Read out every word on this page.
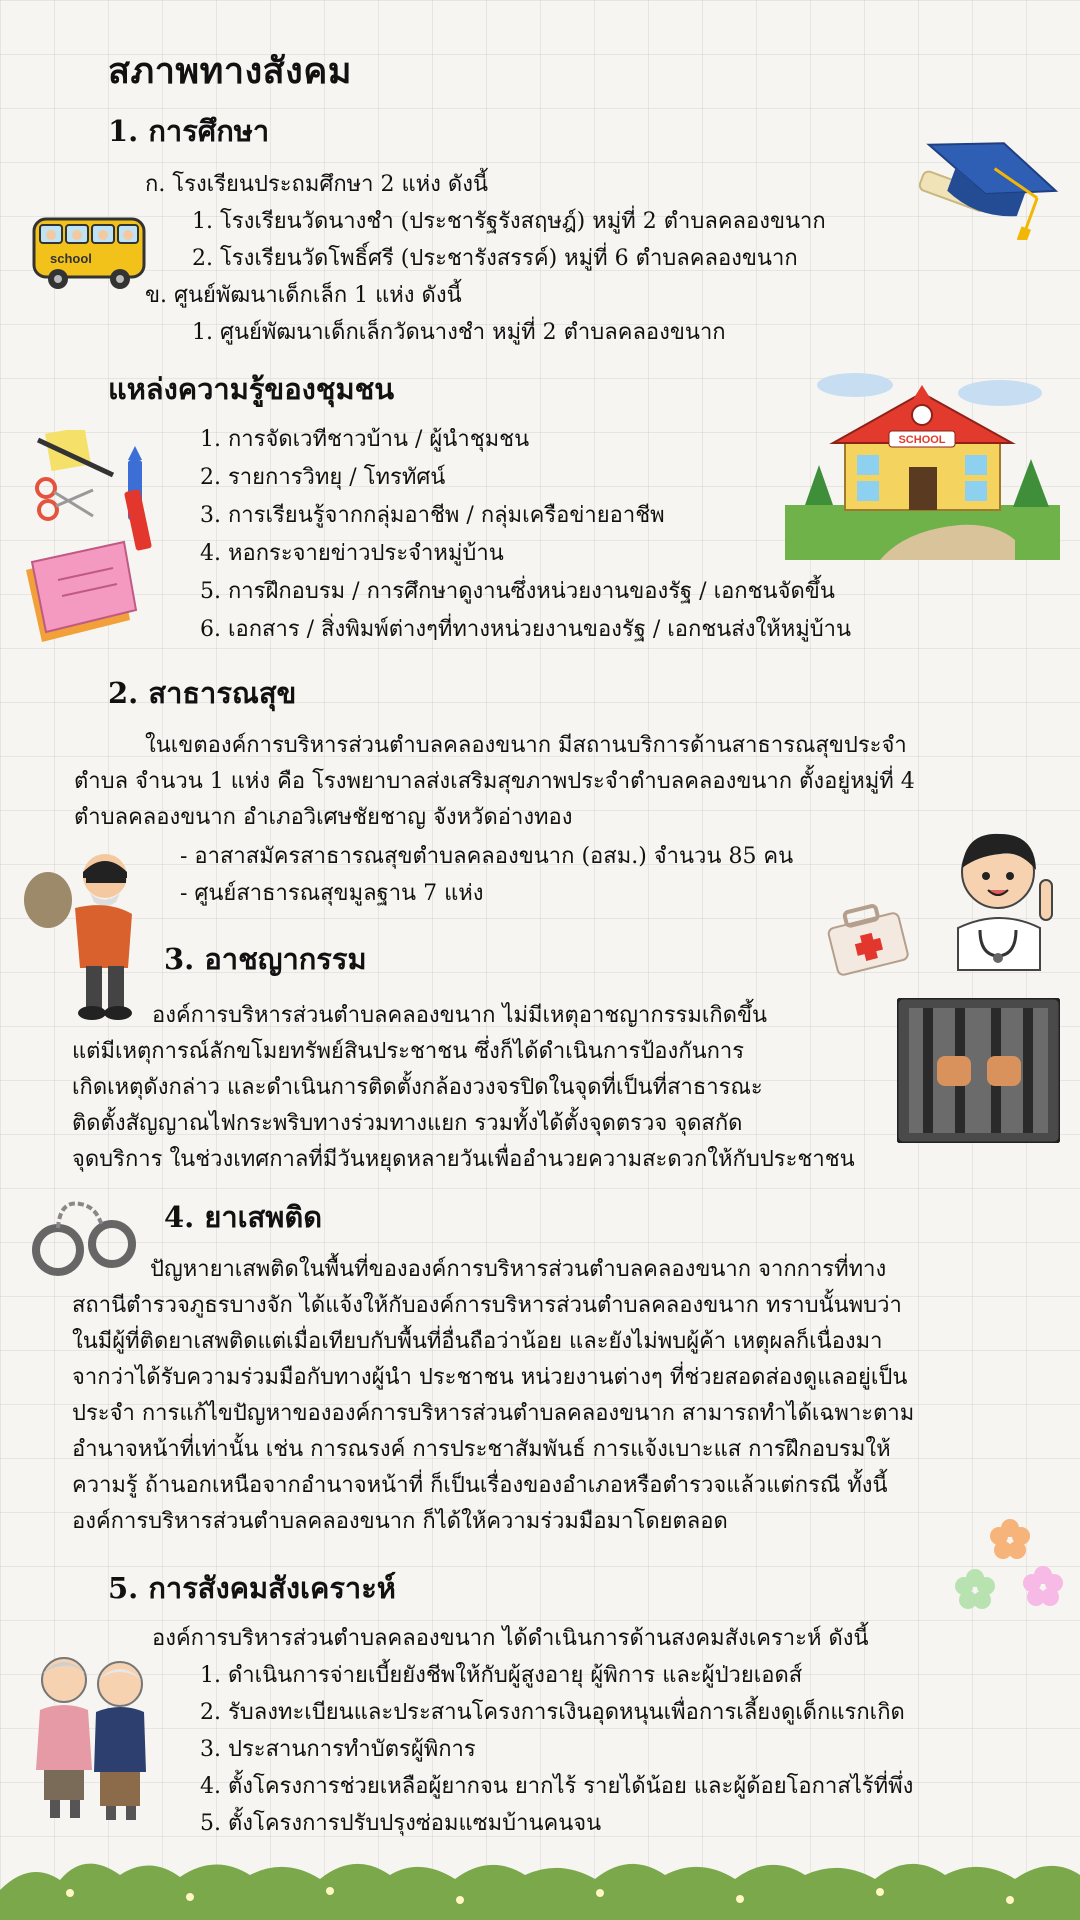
สภาพทางสังคม
1. การศึกษา
ก. โรงเรียนประถมศึกษา 2 แห่ง ดังนี้
1. โรงเรียนวัดนางชำ (ประชารัฐรังสฤษฎ์) หมู่ที่ 2 ตำบลคลองขนาก
2. โรงเรียนวัดโพธิ์ศรี (ประชารังสรรค์) หมู่ที่ 6 ตำบลคลองขนาก
ข. ศูนย์พัฒนาเด็กเล็ก 1 แห่ง ดังนี้
1. ศูนย์พัฒนาเด็กเล็กวัดนางชำ หมู่ที่ 2 ตำบลคลองขนาก
แหล่งความรู้ของชุมชน
1. การจัดเวทีชาวบ้าน / ผู้นำชุมชน
2. รายการวิทยุ / โทรทัศน์
3. การเรียนรู้จากกลุ่มอาชีพ / กลุ่มเครือข่ายอาชีพ
4. หอกระจายข่าวประจำหมู่บ้าน
5. การฝึกอบรม / การศึกษาดูงานซึ่งหน่วยงานของรัฐ / เอกชนจัดขึ้น
6. เอกสาร / สิ่งพิมพ์ต่างๆที่ทางหน่วยงานของรัฐ / เอกชนส่งให้หมู่บ้าน
2. สาธารณสุข
ในเขตองค์การบริหารส่วนตำบลคลองขนาก มีสถานบริการด้านสาธารณสุขประจำ
ตำบล จำนวน 1 แห่ง คือ โรงพยาบาลส่งเสริมสุขภาพประจำตำบลคลองขนาก ตั้งอยู่หมู่ที่ 4
ตำบลคลองขนาก อำเภอวิเศษชัยชาญ จังหวัดอ่างทอง
- อาสาสมัครสาธารณสุขตำบลคลองขนาก (อสม.) จำนวน 85 คน
- ศูนย์สาธารณสุขมูลฐาน 7 แห่ง
3. อาชญากรรม
องค์การบริหารส่วนตำบลคลองขนาก ไม่มีเหตุอาชญากรรมเกิดขึ้น
แต่มีเหตุการณ์ลักขโมยทรัพย์สินประชาชน ซึ่งก็ได้ดำเนินการป้องกันการ
เกิดเหตุดังกล่าว และดำเนินการติดตั้งกล้องวงจรปิดในจุดที่เป็นที่สาธารณะ
ติดตั้งสัญญาณไฟกระพริบทางร่วมทางแยก รวมทั้งได้ตั้งจุดตรวจ จุดสกัด
จุดบริการ ในช่วงเทศกาลที่มีวันหยุดหลายวันเพื่ออำนวยความสะดวกให้กับประชาชน
4. ยาเสพติด
ปัญหายาเสพติดในพื้นที่ขององค์การบริหารส่วนตำบลคลองขนาก จากการที่ทาง
สถานีตำรวจภูธรบางจัก ได้แจ้งให้กับองค์การบริหารส่วนตำบลคลองขนาก ทราบนั้นพบว่า
ในมีผู้ที่ติดยาเสพติดแต่เมื่อเทียบกับพื้นที่อื่นถือว่าน้อย และยังไม่พบผู้ค้า เหตุผลก็เนื่องมา
จากว่าได้รับความร่วมมือกับทางผู้นำ ประชาชน หน่วยงานต่างๆ ที่ช่วยสอดส่องดูแลอยู่เป็น
ประจำ การแก้ไขปัญหาขององค์การบริหารส่วนตำบลคลองขนาก สามารถทำได้เฉพาะตาม
อำนาจหน้าที่เท่านั้น เช่น การณรงค์ การประชาสัมพันธ์ การแจ้งเบาะแส การฝึกอบรมให้
ความรู้ ถ้านอกเหนือจากอำนาจหน้าที่ ก็เป็นเรื่องของอำเภอหรือตำรวจแล้วแต่กรณี ทั้งนี้
องค์การบริหารส่วนตำบลคลองขนาก ก็ได้ให้ความร่วมมือมาโดยตลอด
5. การสังคมสังเคราะห์
องค์การบริหารส่วนตำบลคลองขนาก ได้ดำเนินการด้านสงคมสังเคราะห์ ดังนี้
1. ดำเนินการจ่ายเบี้ยยังชีพให้กับผู้สูงอายุ ผู้พิการ และผู้ป่วยเอดส์
2. รับลงทะเบียนและประสานโครงการเงินอุดหนุนเพื่อการเลี้ยงดูเด็กแรกเกิด
3. ประสานการทำบัตรผู้พิการ
4. ตั้งโครงการช่วยเหลือผู้ยากจน ยากไร้ รายได้น้อย และผู้ด้อยโอกาสไร้ที่พึ่ง
5. ตั้งโครงการปรับปรุงซ่อมแซมบ้านคนจน
school
SCHOOL
